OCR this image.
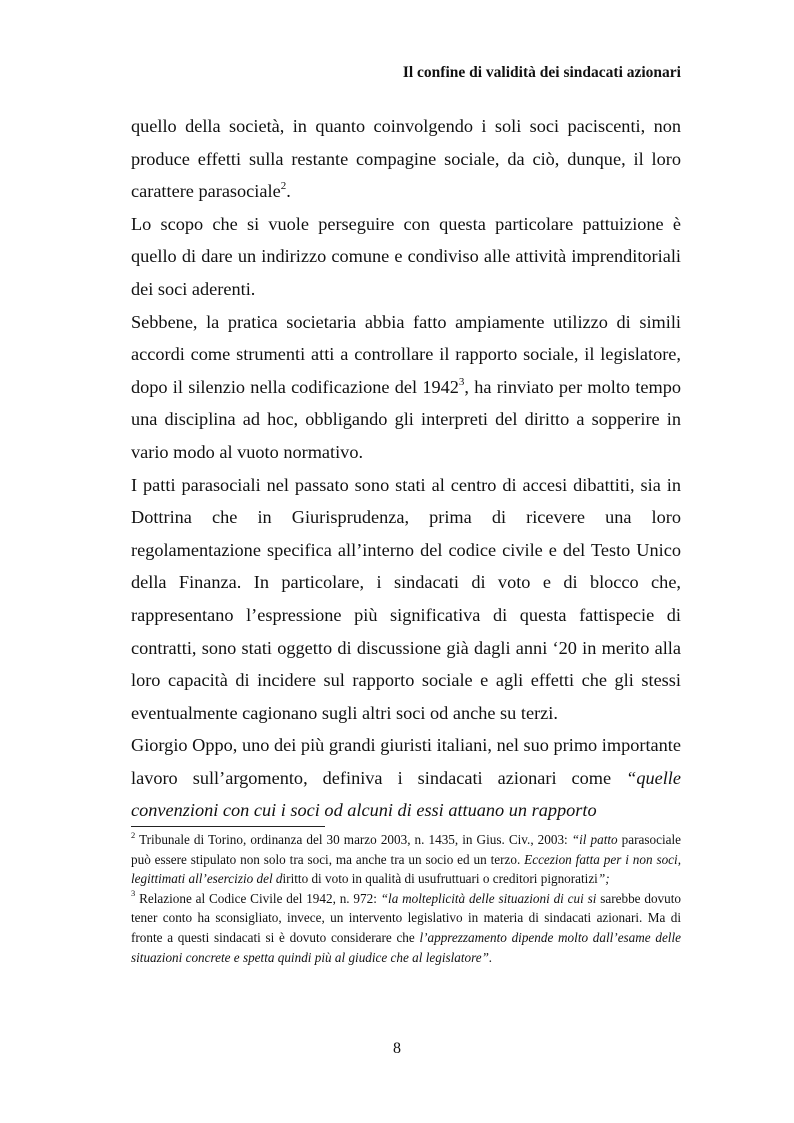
Il confine di validità dei sindacati azionari

quello della società, in quanto coinvolgendo i soli soci paciscenti, non produce effetti sulla restante compagine sociale, da ciò, dunque, il loro carattere parasociale$^2$.

Lo scopo che si vuole perseguire con questa particolare pattuizione è quello di dare un indirizzo comune e condiviso alle attività imprenditoriali dei soci aderenti.

Sebbene, la pratica societaria abbia fatto ampiamente utilizzo di simili accordi come strumenti atti a controllare il rapporto sociale, il legislatore, dopo il silenzio nella codificazione del 1942$^3$, ha rinviato per molto tempo una disciplina ad hoc, obbligando gli interpreti del diritto a sopperire in vario modo al vuoto normativo.

I patti parasociali nel passato sono stati al centro di accesi dibattiti, sia in Dottrina che in Giurisprudenza, prima di ricevere una loro regolamentazione specifica all’interno del codice civile e del Testo Unico della Finanza. In particolare, i sindacati di voto e di blocco che, rappresentano l’espressione più significativa di questa fattispecie di contratti, sono stati oggetto di discussione già dagli anni ‘20 in merito alla loro capacità di incidere sul rapporto sociale e agli effetti che gli stessi eventualmente cagionano sugli altri soci od anche su terzi.

Giorgio Oppo, uno dei più grandi giuristi italiani, nel suo primo importante lavoro sull’argomento, definiva i sindacati azionari come “quelle convenzioni con cui i soci od alcuni di essi attuano un rapporto

$^2$ Tribunale di Torino, ordinanza del 30 marzo 2003, n. 1435, in Gius. Civ., 2003: “il patto parasociale può essere stipulato non solo tra soci, ma anche tra un socio ed un terzo. Eccezion fatta per i non soci, legittimati all’esercizio del diritto di voto in qualità di usufruttuari o creditori pignoratizi”;

$^3$ Relazione al Codice Civile del 1942, n. 972: “la molteplicità delle situazioni di cui si sarebbe dovuto tener conto ha sconsigliato, invece, un intervento legislativo in materia di sindacati azionari. Ma di fronte a questi sindacati si è dovuto considerare che l’apprezzamento dipende molto dall’esame delle situazioni concrete e spetta quindi più al giudice che al legislatore”.

8
